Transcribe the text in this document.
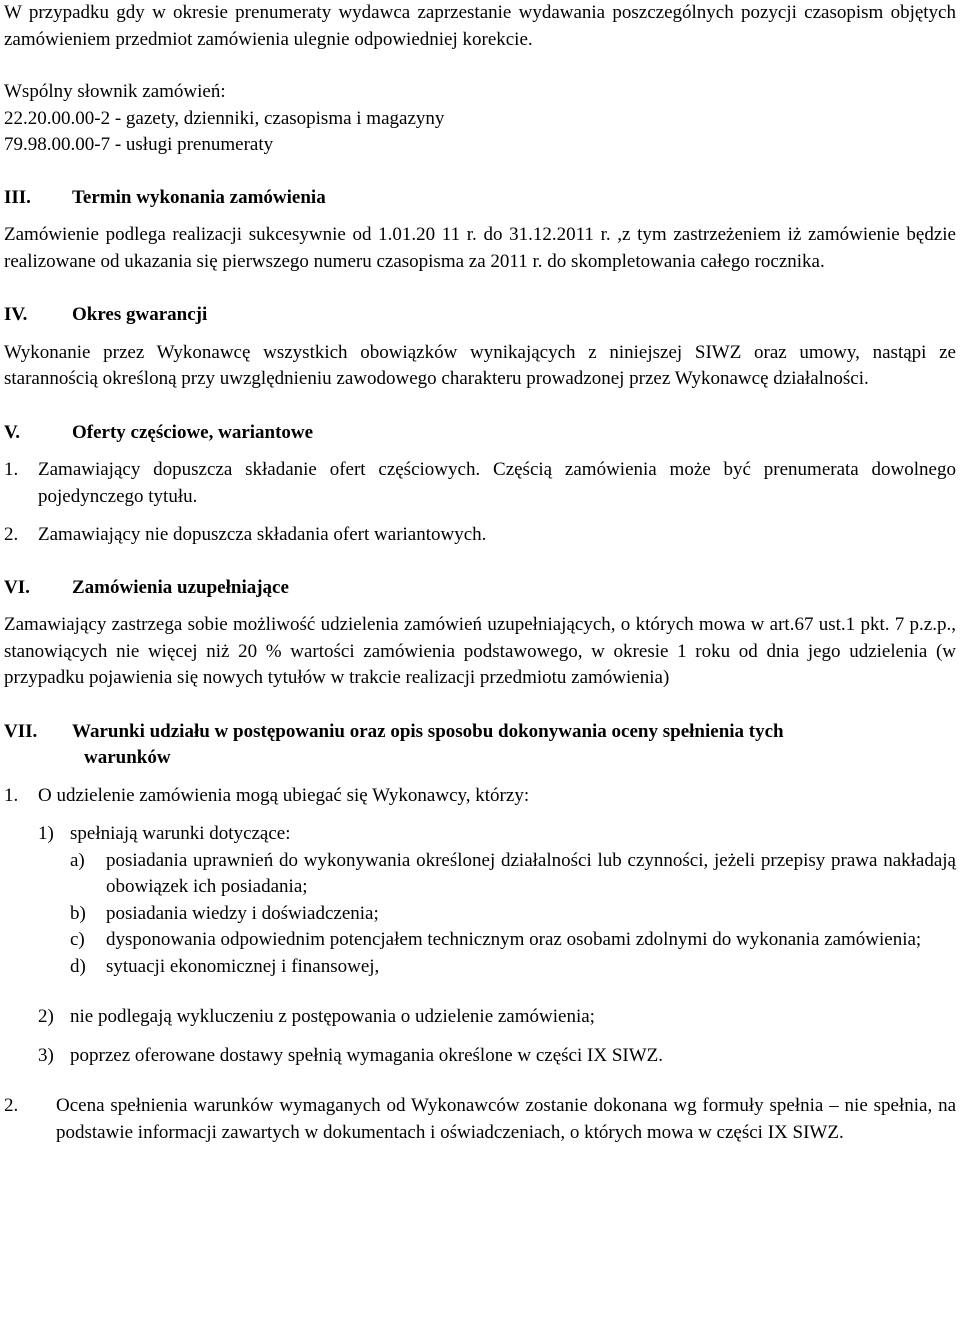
W przypadku gdy w okresie prenumeraty wydawca zaprzestanie wydawania poszczególnych pozycji czasopism objętych zamówieniem przedmiot zamówienia ulegnie odpowiedniej korekcie.

Wspólny słownik zamówień:

22.20.00.00-2 - gazety, dzienniki, czasopisma i magazyny

79.98.00.00-7 - usługi prenumeraty

III.	Termin wykonania zamówienia

Zamówienie podlega realizacji sukcesywnie od 1.01.20 11 r. do 31.12.2011 r. ,z tym zastrzeżeniem iż zamówienie będzie realizowane od ukazania się pierwszego numeru czasopisma za 2011 r. do skompletowania całego rocznika.

IV.	Okres gwarancji

Wykonanie przez Wykonawcę wszystkich obowiązków wynikających z niniejszej SIWZ oraz umowy, nastąpi ze starannością określoną przy uwzględnieniu zawodowego charakteru prowadzonej przez Wykonawcę działalności.

V.	Oferty częściowe, wariantowe
1.	Zamawiający dopuszcza składanie ofert częściowych. Częścią zamówienia może być prenumerata dowolnego pojedynczego tytułu.
2.	Zamawiający nie dopuszcza składania ofert wariantowych.
VI.	Zamówienia uzupełniające

Zamawiający zastrzega sobie możliwość udzielenia zamówień uzupełniających, o których mowa w art.67 ust.1 pkt. 7 p.z.p., stanowiących nie więcej niż 20 % wartości zamówienia podstawowego, w okresie 1 roku od dnia jego udzielenia (w przypadku pojawienia się nowych tytułów w trakcie realizacji przedmiotu zamówienia)

VII.	Warunki udziału w postępowaniu oraz opis sposobu dokonywania oceny spełnienia tych
warunków
1.	O udzielenie zamówienia mogą ubiegać się Wykonawcy, którzy:
1) spełniają warunki dotyczące:
a)	posiadania uprawnień do wykonywania określonej działalności lub czynności, jeżeli przepisy prawa nakładają obowiązek ich posiadania;
b)	posiadania wiedzy i doświadczenia;
c)	dysponowania odpowiednim potencjałem technicznym oraz osobami zdolnymi do wykonania zamówienia;
d)	sytuacji ekonomicznej i finansowej,
2) nie podlegają wykluczeniu z postępowania o udzielenie zamówienia;
3) poprzez oferowane dostawy spełnią wymagania określone w części IX SIWZ.
2.	Ocena spełnienia warunków wymaganych od Wykonawców zostanie dokonana wg formuły spełnia – nie spełnia, na podstawie informacji zawartych w dokumentach i oświadczeniach, o których mowa w części IX SIWZ.
